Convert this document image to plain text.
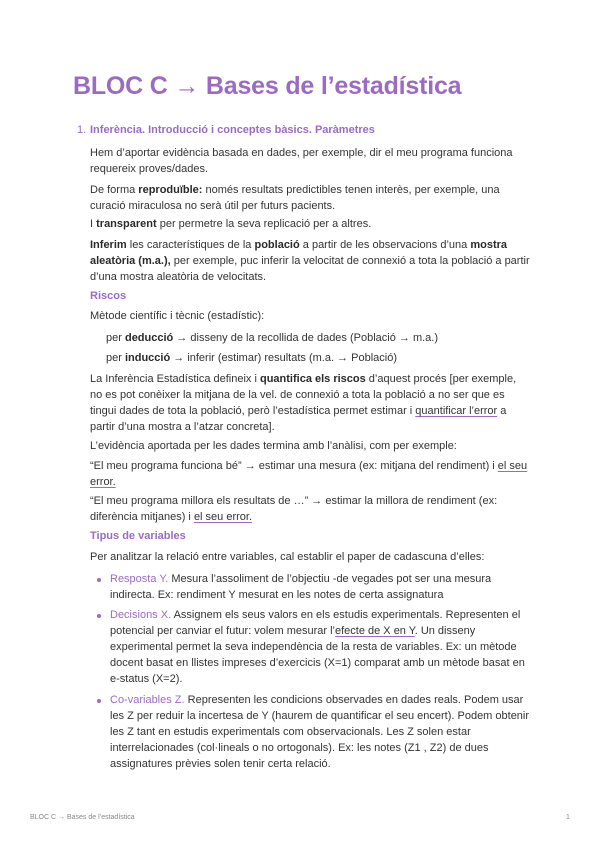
BLOC C → Bases de l’estadística
1. Inferència. Introducció i conceptes bàsics. Paràmetres

Hem d’aportar evidència basada en dades, per exemple, dir el meu programa funciona requereix proves/dades.

De forma reproduïble: només resultats predictibles tenen interès, per exemple, una curació miraculosa no serà útil per futurs pacients.

I transparent per permetre la seva replicació per a altres.

Inferim les característiques de la població a partir de les observacions d’una mostra aleatòria (m.a.), per exemple, puc inferir la velocitat de connexió a tota la població a partir d’una mostra aleatòria de velocitats.

Riscos

Mètode científic i tècnic (estadístic):

per deducció → disseny de la recollida de dades (Població → m.a.)

per inducció → inferir (estimar) resultats (m.a. → Població)

La Inferència Estadística defineix i quantifica els riscos d’aquest procés [per exemple, no es pot conèixer la mitjana de la vel. de connexió a tota la població a no ser que es tingui dades de tota la població, però l’estadística permet estimar i quantificar l’error a partir d’una mostra a l’atzar concreta].

L’evidència aportada per les dades termina amb l’anàlisi, com per exemple:

“El meu programa funciona bé” → estimar una mesura (ex: mitjana del rendiment) i el seu error.

“El meu programa millora els resultats de …” → estimar la millora de rendiment (ex: diferència mitjanes) i el seu error.

Tipus de variables

Per analitzar la relació entre variables, cal establir el paper de cadascuna d’elles:

Resposta Y. Mesura l’assoliment de l’objectiu -de vegades pot ser una mesura indirecta. Ex: rendiment Y mesurat en les notes de certa assignatura

Decisions X. Assignem els seus valors en els estudis experimentals. Representen el potencial per canviar el futur: volem mesurar l’efecte de X en Y. Un disseny experimental permet la seva independència de la resta de variables. Ex: un mètode docent basat en llistes impreses d’exercicis (X=1) comparat amb un mètode basat en e-status (X=2).

Co-variables Z. Representen les condicions observades en dades reals. Podem usar les Z per reduir la incertesa de Y (haurem de quantificar el seu encert). Podem obtenir les Z tant en estudis experimentals com observacionals. Les Z solen estar interrelacionades (col·lineals o no ortogonals). Ex: les notes (Z1 , Z2) de dues assignatures prèvies solen tenir certa relació.

BLOC C → Bases de l’estadística	1
